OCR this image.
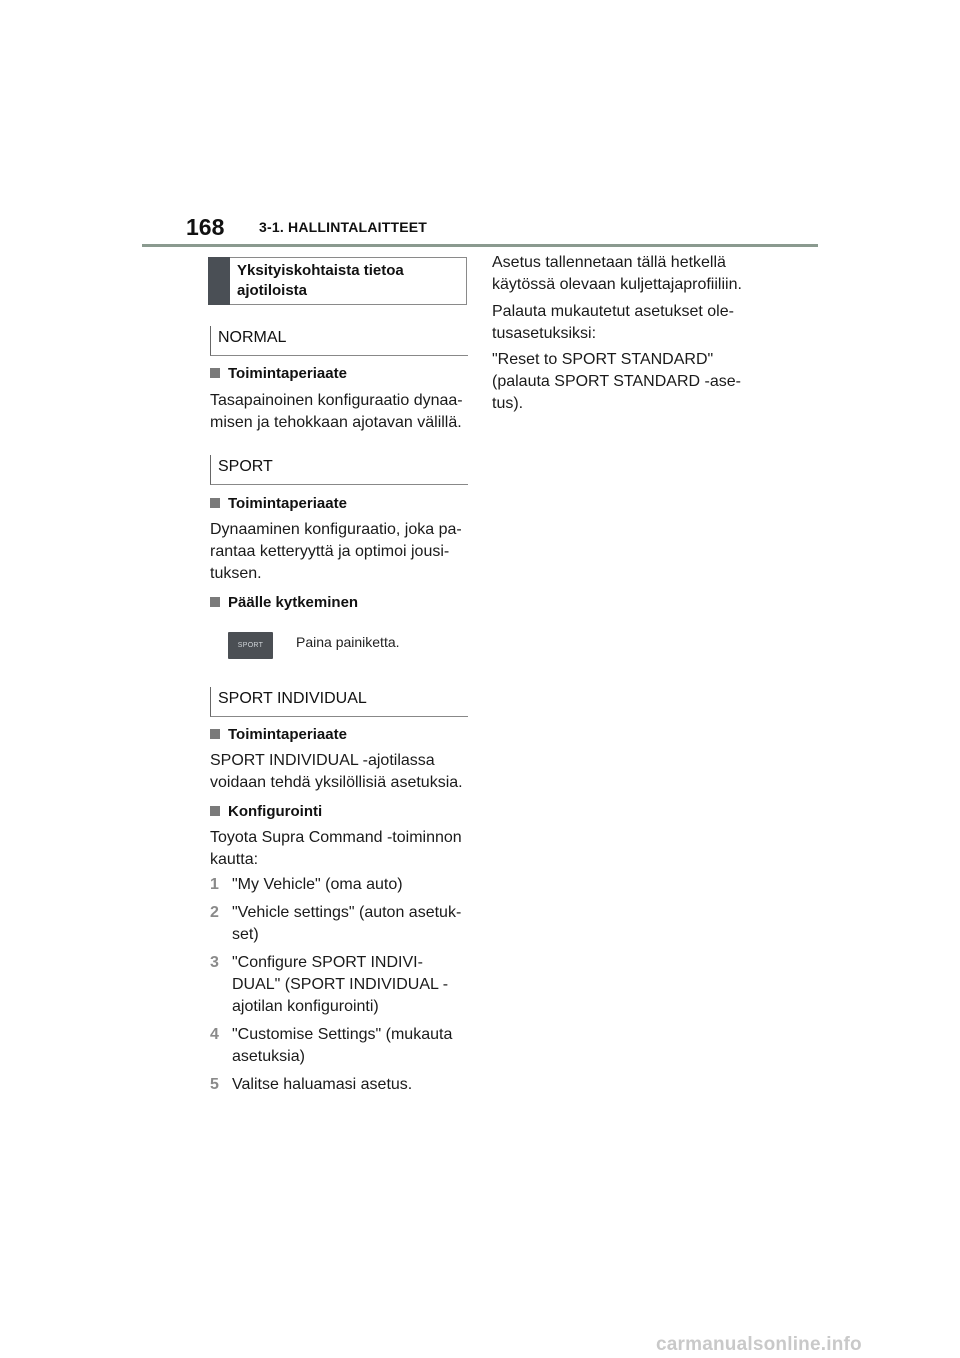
168 3-1. HALLINTALAITTEET
Yksityiskohtaista tietoa ajotiloista
NORMAL
Toimintaperiaate
Tasapainoinen konfiguraatio dynaa-
misen ja tehokkaan ajotavan välillä.
SPORT
Toimintaperiaate
Dynaaminen konfiguraatio, joka pa-
rantaa ketteryyttä ja optimoi jousi-
tuksen.
Päälle kytkeminen
SPORT Paina painiketta.
SPORT INDIVIDUAL
Toimintaperiaate
SPORT INDIVIDUAL -ajotilassa
voidaan tehdä yksilöllisiä asetuksia.
Konfigurointi
Toyota Supra Command -toiminnon
kautta:
1 "My Vehicle" (oma auto)
2 "Vehicle settings" (auton asetuk-
set)
3 "Configure SPORT INDIVI-
DUAL" (SPORT INDIVIDUAL -
ajotilan konfigurointi)
4 "Customise Settings" (mukauta
asetuksia)
5 Valitse haluamasi asetus.
Asetus tallennetaan tällä hetkellä
käytössä olevaan kuljettajaprofiiliin.
Palauta mukautetut asetukset ole-
tusasetuksiksi:
"Reset to SPORT STANDARD"
(palauta SPORT STANDARD -ase-
tus).
carmanualsonline.info
